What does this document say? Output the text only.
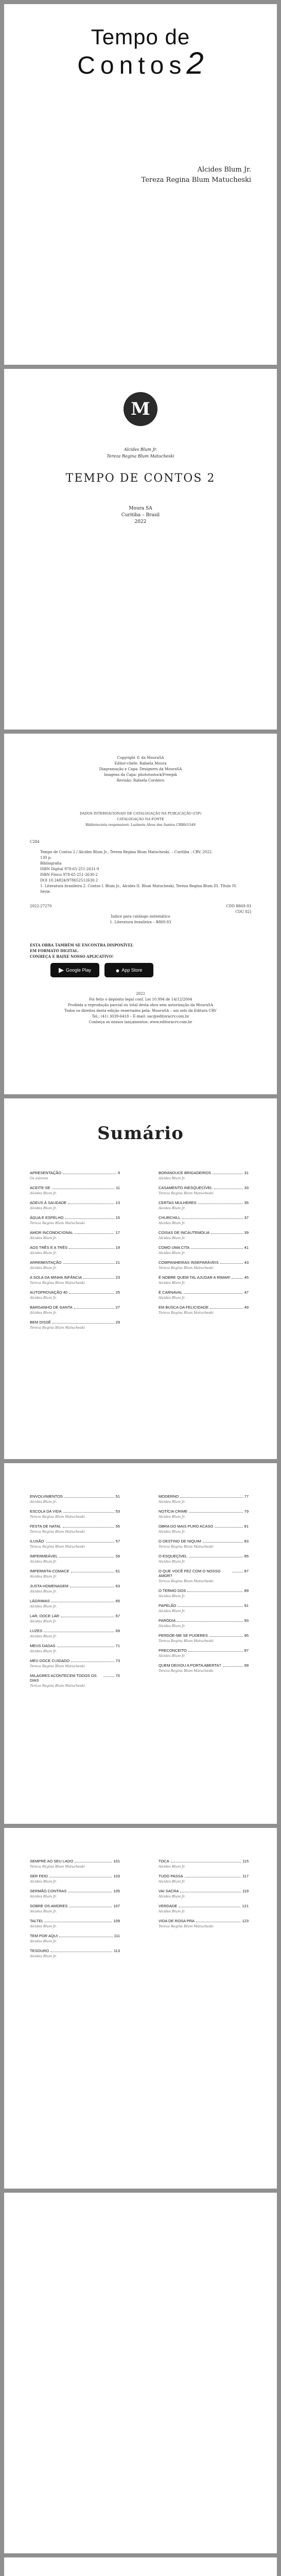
Tempo de
Contos2
Alcides Blum Jr.
Tereza Regina Blum Matucheski
M
Alcides Blum Jr.
Tereza Regina Blum Matucheski
TEMPO DE CONTOS 2
Moura SA
Curitiba – Brasil
2022
Copyright © da MouraSA
Editor-chefe: Rafaela Moura
Diagramação e Capa: Designers da MouraSA
Imagens da Capa: phototostock/Freepik
Revisão: Rafaela Cordeiro
DADOS INTERNACIONAIS DE CATALOGAÇÃO NA PUBLICAÇÃO (CIP)
CATALOGAÇÃO NA FONTE
Bibliotecária responsável: Luzinete Alves dos Santos CRB9/1549
C284
Tempo de Contos 2 / Alcides Blum Jr., Tereza Regina Blum Matucheski. – Curitiba : CRV, 2022.
130 p.
Bibliografia
ISBN Digital 978-65-251-2631-9
ISBN Físico 978-65-251-2630-2
DOI 10.24824/978652512630.2
1. Literatura brasileira 2. Contos I. Blum Jr., Alcides II. Blum Matucheski, Tereza Regina Blum III. Título IV. Série.
2022-27270	CDD B869.93
CDU 82]
Índice para catálogo sistemático
1. Literatura brasileira – B869.93

ESTA OBRA TAMBÉM SE ENCONTRA DISPONÍVEL

EM FORMATO DIGITAL.

CONHEÇA E BAIXE NOSSO APLICATIVO!

▶ Google Play	● App Store
2022
Foi feito o depósito legal conf. Lei 10.994 de 14/12/2004
Proibida a reprodução parcial ou total desta obra sem autorização da MouraSA
Todos os direitos desta edição reservados pela: MouraSA – um selo da Editora CRV
Tel.: (41) 3039-6418 – E-mail: sac@editoracrv.com.br
Conheça os nossos lançamentos: www.editoracrv.com.br
Sumário
APRESENTAÇÃO	9
Os autores
ACEITE-SE	11
Alcides Blum Jr.
ADEUS À SAUDADE	13
Alcides Blum Jr.
ÁGUA E ESPELHO	15
Tereza Regina Blum Matucheski
AMOR INCONDICIONAL	17
Alcides Blum Jr.
AOS TRÊS E A TRÊS	19
Alcides Blum Jr.
ARREBENTAÇÃO	21
Alcides Blum Jr.
A SOLA DA MINHA INFÂNCIA	23
Tereza Regina Blum Matucheski
AUTOPROVAÇÃO 40	25
Alcides Blum Jr.
BARGANHO DE GANTA	27
Alcides Blum Jr.
BEM DISSÊ	29
Tereza Regina Blum Matucheski
BORANDUCE BRIGADEIROS	31
Alcides Blum Jr.
CASAMENTO INESQUECÍVEL	33
Tereza Regina Blum Matucheski
CERTAS MULHERES	35
Alcides Blum Jr.
CHURCHILL	37
Alcides Blum Jr.
COISAS DE INCAUTEMOLIA	39
Alcides Blum Jr.
COMO UMA CITA	41
Alcides Blum Jr.
COMPANHEIRAS INSEPARÁVEIS	43
Tereza Regina Blum Matucheski
É NOBRE QUEM TAL AJUDAR A RIMAR!	45
Alcides Blum Jr.
É CARNAVAL	47
Alcides Blum Jr.
EM BUSCA DA FELICIDADE	49
Tereza Regina Blum Matucheski
ENVOLVIMENTOS	51
Alcides Blum Jr.
ESCOLA DA VIDA	53
Tereza Regina Blum Matucheski
FESTA DE NATAL	55
Tereza Regina Blum Matucheski
ILUSÃO	57
Tereza Regina Blum Matucheski
IMPERMEÁVEL	59
Alcides Blum Jr.
IMPERMITA-COMACE	61
Alcides Blum Jr.
JUSTA HOMENAGEM	63
Alcides Blum Jr.
LÁGRIMAS	65
Alcides Blum Jr.
LAR, DOCE LAR	67
Alcides Blum Jr.
LUZES	69
Alcides Blum Jr.
MEUS DADAS	71
Alcides Blum Jr.
MEU DOCE CUIDADO	73
Tereza Regina Blum Matucheski
MILAGRES ACONTECEM TODOS OS DIAS
75
Tereza Regina Blum Matucheski
MODERNO	77
Alcides Blum Jr.
NOTÍCIA CRIME	79
Alcides Blum Jr.
OBRA DO MAIS PURO ACASO	81
Alcides Blum Jr.
O DESTINO DE NIQUIM	83
Tereza Regina Blum Matucheski
O ESQUEÇÍVEL	85
Alcides Blum Jr.
O QUE VOCÊ FEZ COM O NOSSO AMOR?
87
Tereza Regina Blum Matucheski
O TERMO DOS	89
Alcides Blum Jr.
PAPELÃO	91
Alcides Blum Jr.
PARÓDIA	93
Alcides Blum Jr.
PERDOE-ME SE PUDERES	95
Tereza Regina Blum Matucheski
PRECONCEITO	97
Alcides Blum Jr.
QUEM DEIXOU A PORTA ABERTA?	99
Tereza Regina Blum Matucheski
SEMPRE AO SEU LADO	101
Tereza Regina Blum Matucheski
SER FEIO	103
Alcides Blum Jr.
SERMÃO CONTRAS	105
Alcides Blum Jr.
SOBRE OS AMORES	107
Alcides Blum Jr.
TALTEL	109
Alcides Blum Jr.
TEM POR AQUI	111
Alcides Blum Jr.
TESOURO	113
Alcides Blum Jr.
TOCA	115
Alcides Blum Jr.
TUDO PASSA	117
Alcides Blum Jr.
VAI SACRA	119
Alcides Blum Jr.
VERDADE	121
Alcides Blum Jr.
VIDA DE ROSA PRA	123
Tereza Regina Blum Matucheski
